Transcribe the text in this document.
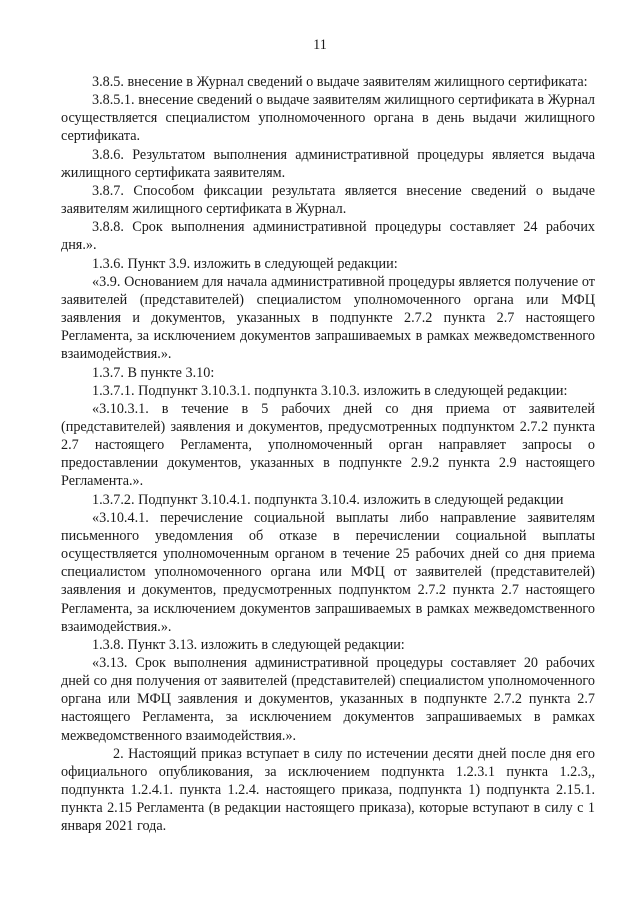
11

3.8.5. внесение в Журнал сведений о выдаче заявителям жилищного сертификата:

3.8.5.1. внесение сведений о выдаче заявителям жилищного сертификата в Журнал осуществляется специалистом уполномоченного органа в день выдачи жилищного сертификата.

3.8.6. Результатом выполнения административной процедуры является выдача жилищного сертификата заявителям.

3.8.7. Способом фиксации результата является внесение сведений о выдаче заявителям жилищного сертификата в Журнал.

3.8.8. Срок выполнения административной процедуры составляет 24 рабочих дня.».

1.3.6. Пункт 3.9. изложить в следующей редакции:

«3.9. Основанием для начала административной процедуры является получение от заявителей (представителей) специалистом уполномоченного органа или МФЦ заявления и документов, указанных в подпункте 2.7.2 пункта 2.7 настоящего Регламента, за исключением документов запрашиваемых в рамках межведомственного взаимодействия.».

1.3.7. В пункте 3.10:

1.3.7.1. Подпункт 3.10.3.1. подпункта 3.10.3. изложить в следующей редакции:

«3.10.3.1. в течение в 5 рабочих дней со дня приема от заявителей (представителей) заявления и документов, предусмотренных подпунктом 2.7.2 пункта 2.7 настоящего Регламента, уполномоченный орган направляет запросы о предоставлении документов, указанных в подпункте 2.9.2 пункта 2.9 настоящего Регламента.».

1.3.7.2. Подпункт 3.10.4.1. подпункта 3.10.4. изложить в следующей редакции

«3.10.4.1. перечисление социальной выплаты либо направление заявителям письменного уведомления об отказе в перечислении социальной выплаты осуществляется уполномоченным органом в течение 25 рабочих дней со дня приема специалистом уполномоченного органа или МФЦ от заявителей (представителей) заявления и документов, предусмотренных подпунктом 2.7.2 пункта 2.7 настоящего Регламента, за исключением документов запрашиваемых в рамках межведомственного взаимодействия.».

1.3.8. Пункт 3.13. изложить в следующей редакции:

«3.13. Срок выполнения административной процедуры составляет 20 рабочих дней со дня получения от заявителей (представителей) специалистом уполномоченного органа или МФЦ заявления и документов, указанных в подпункте 2.7.2 пункта 2.7 настоящего Регламента, за исключением документов запрашиваемых в рамках межведомственного взаимодействия.».

2. Настоящий приказ вступает в силу по истечении десяти дней после дня его официального опубликования, за исключением подпункта 1.2.3.1 пункта 1.2.3,, подпункта 1.2.4.1. пункта 1.2.4. настоящего приказа, подпункта 1) подпункта 2.15.1. пункта 2.15 Регламента (в редакции настоящего приказа), которые вступают в силу с 1 января 2021 года.
